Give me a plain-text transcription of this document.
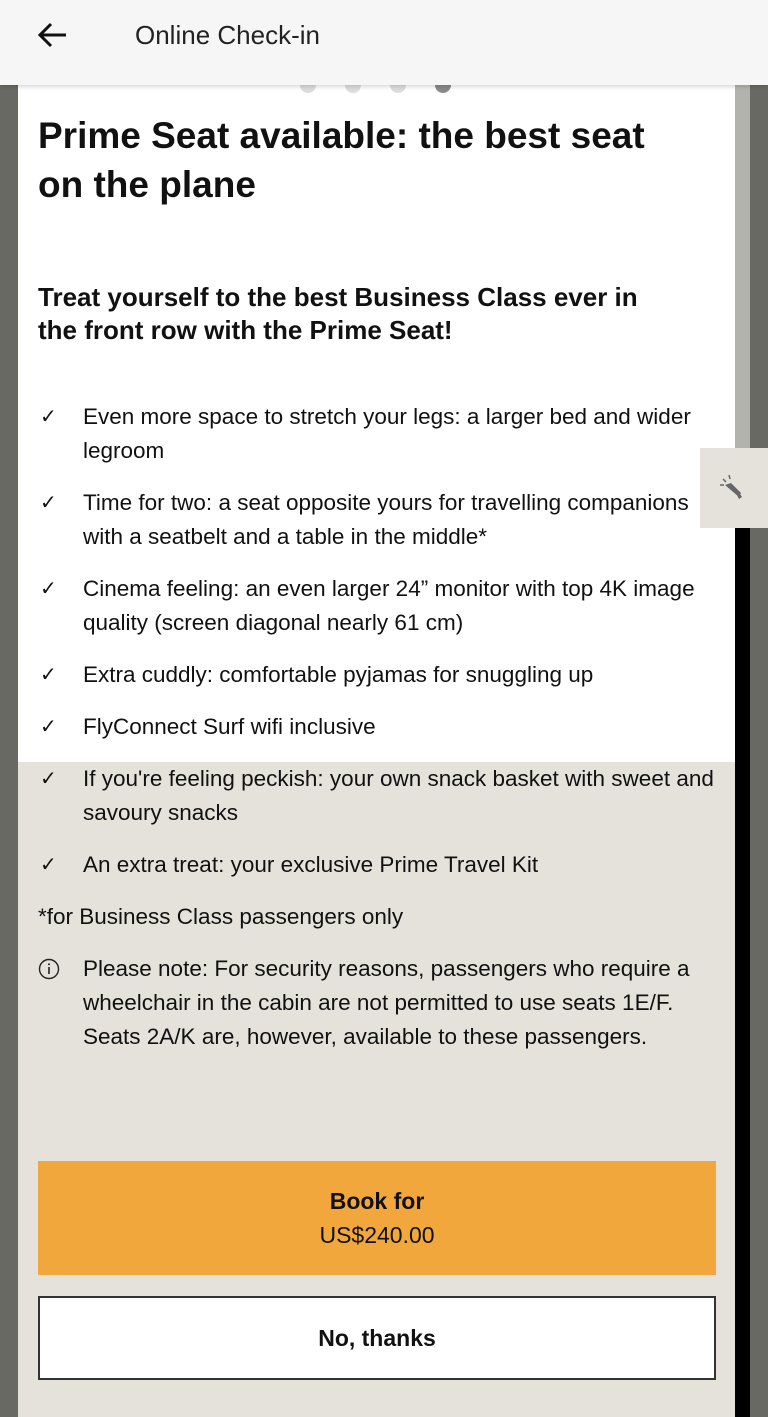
Online Check-in
Prime Seat available: the best seat on the plane
Treat yourself to the best Business Class ever in the front row with the Prime Seat!
✓	Even more space to stretch your legs: a larger bed and wider legroom
✓	Time for two: a seat opposite yours for travelling companions with a seatbelt and a table in the middle*
✓	Cinema feeling: an even larger 24” monitor with top 4K image quality (screen diagonal nearly 61 cm)
✓	Extra cuddly: comfortable pyjamas for snuggling up
✓	FlyConnect Surf wifi inclusive
✓	If you're feeling peckish: your own snack basket with sweet and savoury snacks
✓	An extra treat: your exclusive Prime Travel Kit
*for Business Class passengers only
Please note: For security reasons, passengers who require a wheelchair in the cabin are not permitted to use seats 1E/F. Seats 2A/K are, however, available to these passengers.
Book for
US$240.00
No, thanks
